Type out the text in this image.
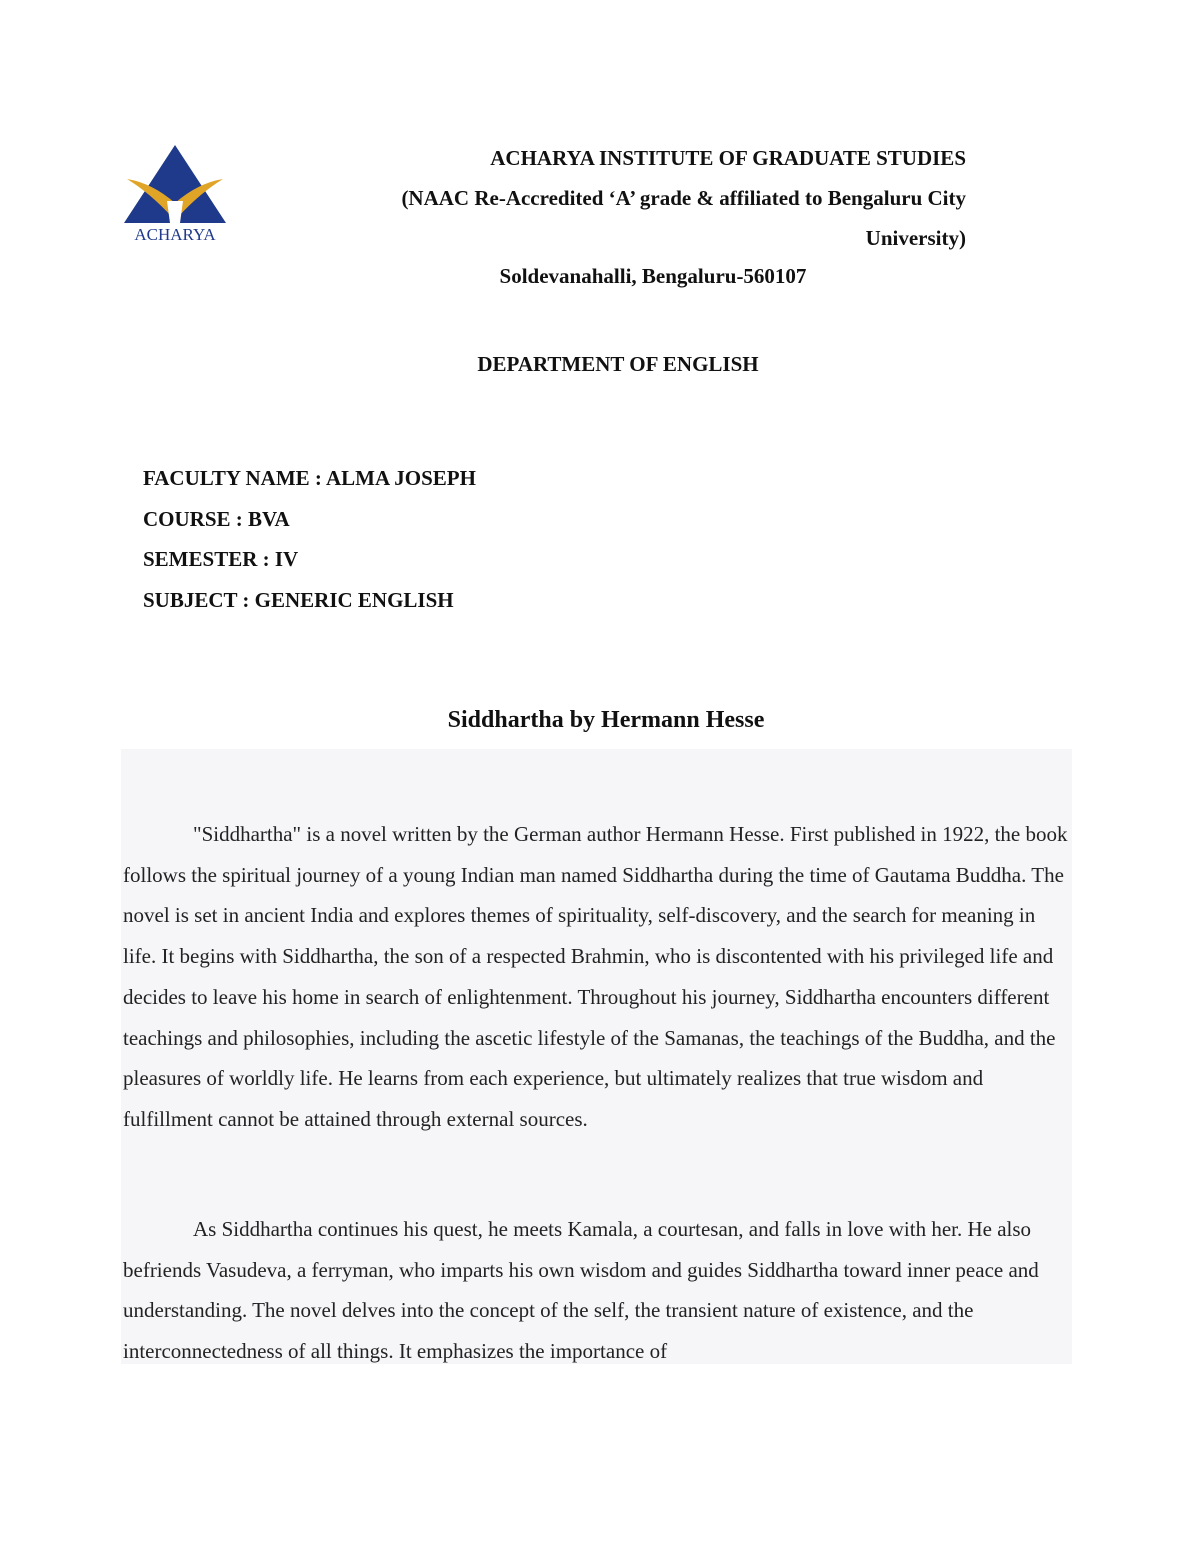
ACHARYA
ACHARYA INSTITUTE OF GRADUATE STUDIES
(NAAC Re-Accredited ‘A’ grade & affiliated to Bengaluru City
University)
Soldevanahalli, Bengaluru-560107
DEPARTMENT OF ENGLISH
FACULTY NAME : ALMA JOSEPH
COURSE : BVA
SEMESTER : IV
SUBJECT : GENERIC ENGLISH
Siddhartha by Hermann Hesse

"Siddhartha" is a novel written by the German author Hermann Hesse. First published in 1922, the book follows the spiritual journey of a young Indian man named Siddhartha during the time of Gautama Buddha. The novel is set in ancient India and explores themes of spirituality, self-discovery, and the search for meaning in life. It begins with Siddhartha, the son of a respected Brahmin, who is discontented with his privileged life and decides to leave his home in search of enlightenment. Throughout his journey, Siddhartha encounters different teachings and philosophies, including the ascetic lifestyle of the Samanas, the teachings of the Buddha, and the pleasures of worldly life. He learns from each experience, but ultimately realizes that true wisdom and fulfillment cannot be attained through external sources.

As Siddhartha continues his quest, he meets Kamala, a courtesan, and falls in love with her. He also befriends Vasudeva, a ferryman, who imparts his own wisdom and guides Siddhartha toward inner peace and understanding. The novel delves into the concept of the self, the transient nature of existence, and the interconnectedness of all things. It emphasizes the importance of
